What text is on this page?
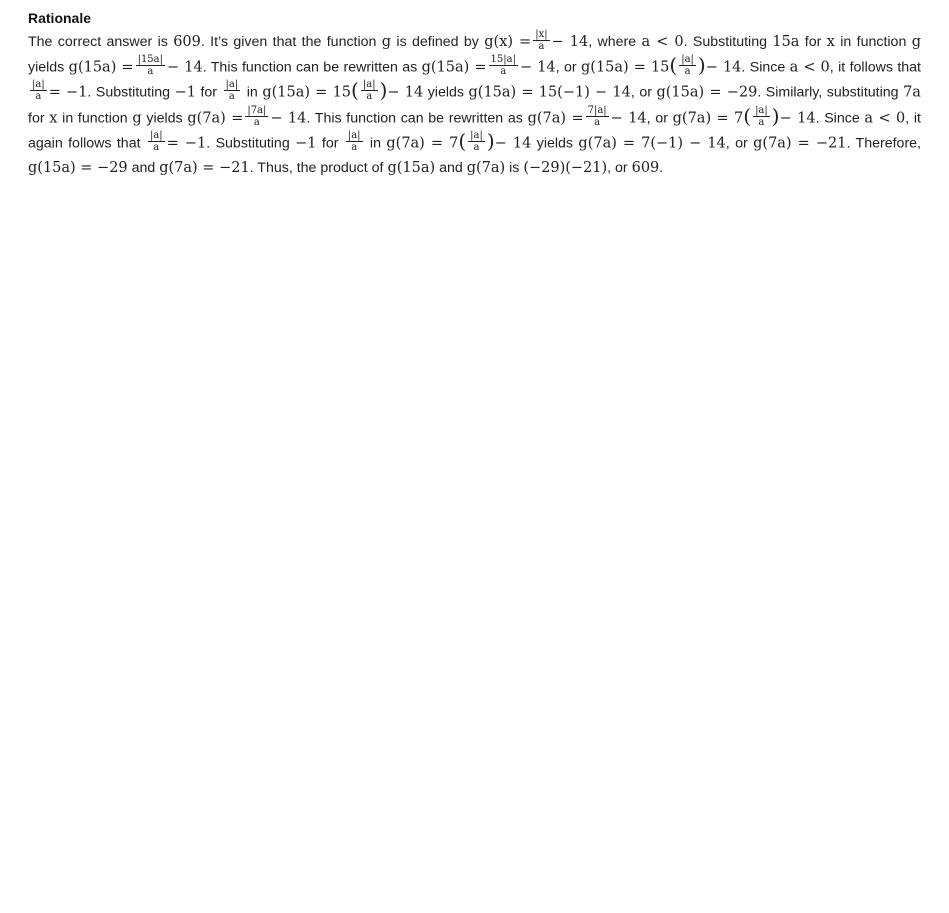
Rationale

The correct answer is 609. It’s given that the function g is defined by $g(x) = \frac{|x|}{a} - 14$, where a < 0. Substituting 15a for x in function g yields $g(15a) = \frac{|15a|}{a} - 14$. This function can be rewritten as $g(15a) = \frac{15|a|}{a} - 14$, or $g(15a) = 15( \frac{|a|}{a}$ )− 14. Since a < 0, it follows that
$\frac{|a|}{a} = -1$. Substituting −1 for $\frac{|a|}{a}$ in $g(15a) = 15( \frac{|a|}{a}$ )− 14 yields g(15a) = 15(−1) − 14, or g(15a) = −29. Similarly, substituting 7a for x in function g yields $g(7a) = \frac{|7a|}{a} - 14$. This function can be rewritten as $g(7a) = \frac{7|a|}{a} - 14$, or $g(7a) = 7( \frac{|a|}{a}$ )− 14. Since a < 0, it again follows that $\frac{|a|}{a} = -1$. Substituting −1 for $\frac{|a|}{a}$ in $g(7a) = 7( \frac{|a|}{a}$ )− 14 yields g(7a) = 7(−1) − 14, or g(7a) = −21. Therefore, g(15a) = −29 and g(7a) = −21. Thus, the product of g(15a) and g(7a) is (−29)(−21), or 609.
